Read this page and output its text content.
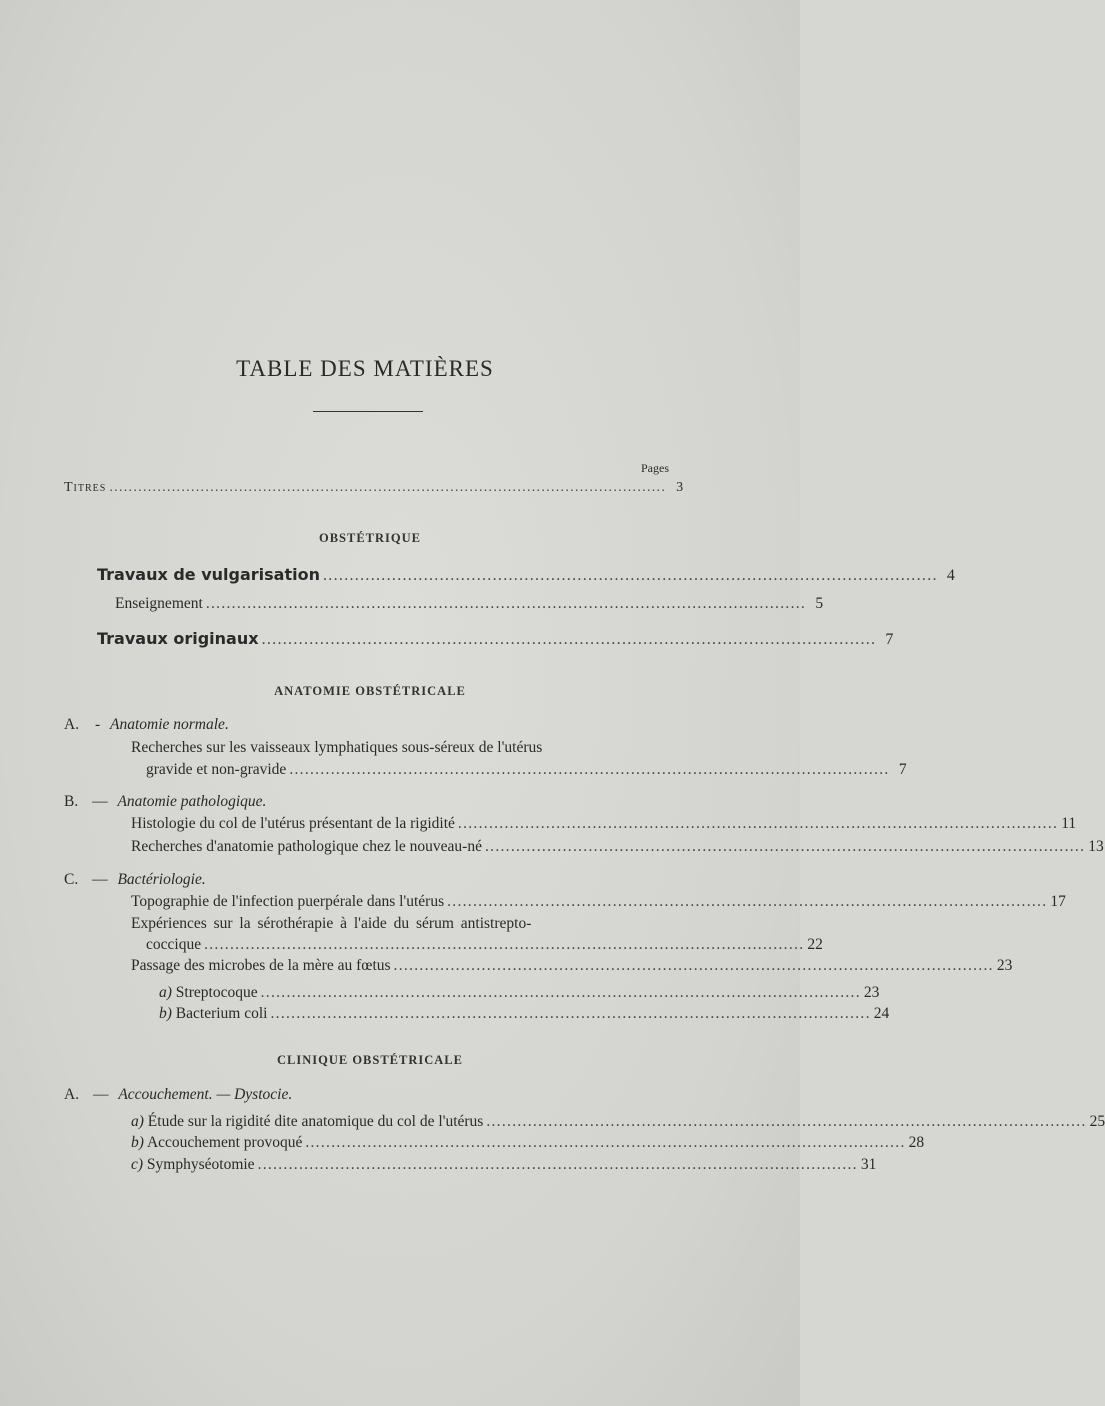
TABLE DES MATIÈRES
Pages
Titres .................................................................................................................... 3
OBSTÉTRIQUE
Travaux de vulgarisation .................................................................................................................... 4
Enseignement .................................................................................................................... 5
Travaux originaux .................................................................................................................... 7
ANATOMIE OBSTÉTRICALE
A. - Anatomie normale.
Recherches sur les vaisseaux lymphatiques sous-séreux de l'utérus
gravide et non-gravide .................................................................................................................... 7
B. — Anatomie pathologique.
Histologie du col de l'utérus présentant de la rigidité .................................................................................................................... 11
Recherches d'anatomie pathologique chez le nouveau-né .................................................................................................................... 13
C. — Bactériologie.
Topographie de l'infection puerpérale dans l'utérus .................................................................................................................... 17
Expériences sur la sérothérapie à l'aide du sérum antistrepto-
coccique .................................................................................................................... 22
Passage des microbes de la mère au fœtus .................................................................................................................... 23
a) Streptocoque .................................................................................................................... 23
b) Bacterium coli .................................................................................................................... 24
CLINIQUE OBSTÉTRICALE
A. — Accouchement. — Dystocie.
a) Étude sur la rigidité dite anatomique du col de l'utérus .................................................................................................................... 25
b) Accouchement provoqué .................................................................................................................... 28
c) Symphyséotomie .................................................................................................................... 31
